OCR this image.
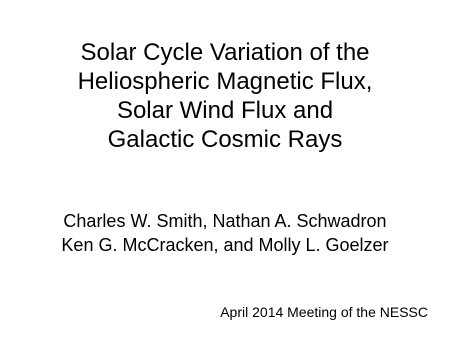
Solar Cycle Variation of the
Heliospheric Magnetic Flux,
Solar Wind Flux and
Galactic Cosmic Rays
Charles W. Smith, Nathan A. Schwadron
Ken G. McCracken, and Molly L. Goelzer
April 2014 Meeting of the NESSC
